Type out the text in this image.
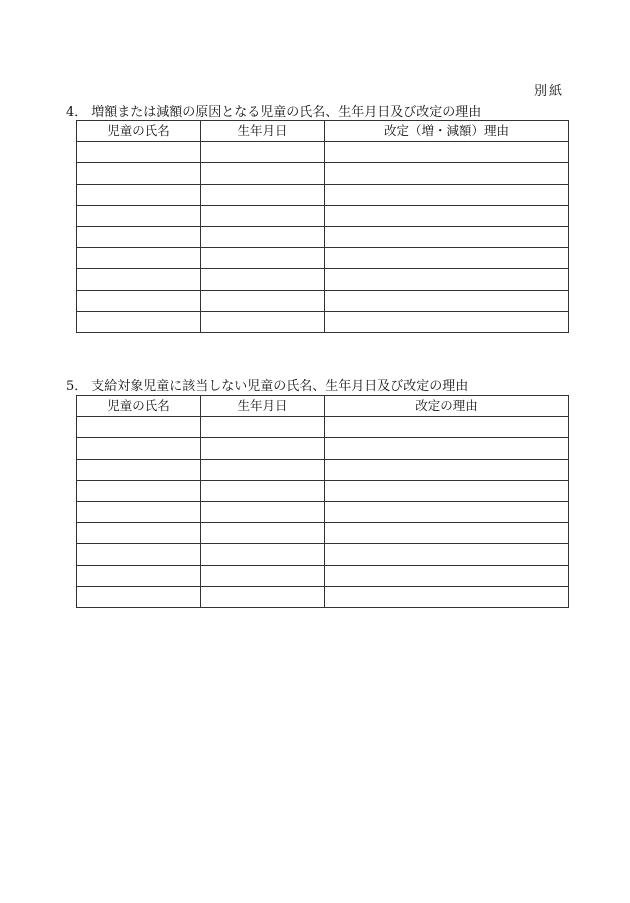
別紙
4． 増額または減額の原因となる児童の氏名、生年月日及び改定の理由
児童の氏名	生年月日	改定（増・減額）理由

5． 支給対象児童に該当しない児童の氏名、生年月日及び改定の理由
児童の氏名	生年月日	改定の理由
